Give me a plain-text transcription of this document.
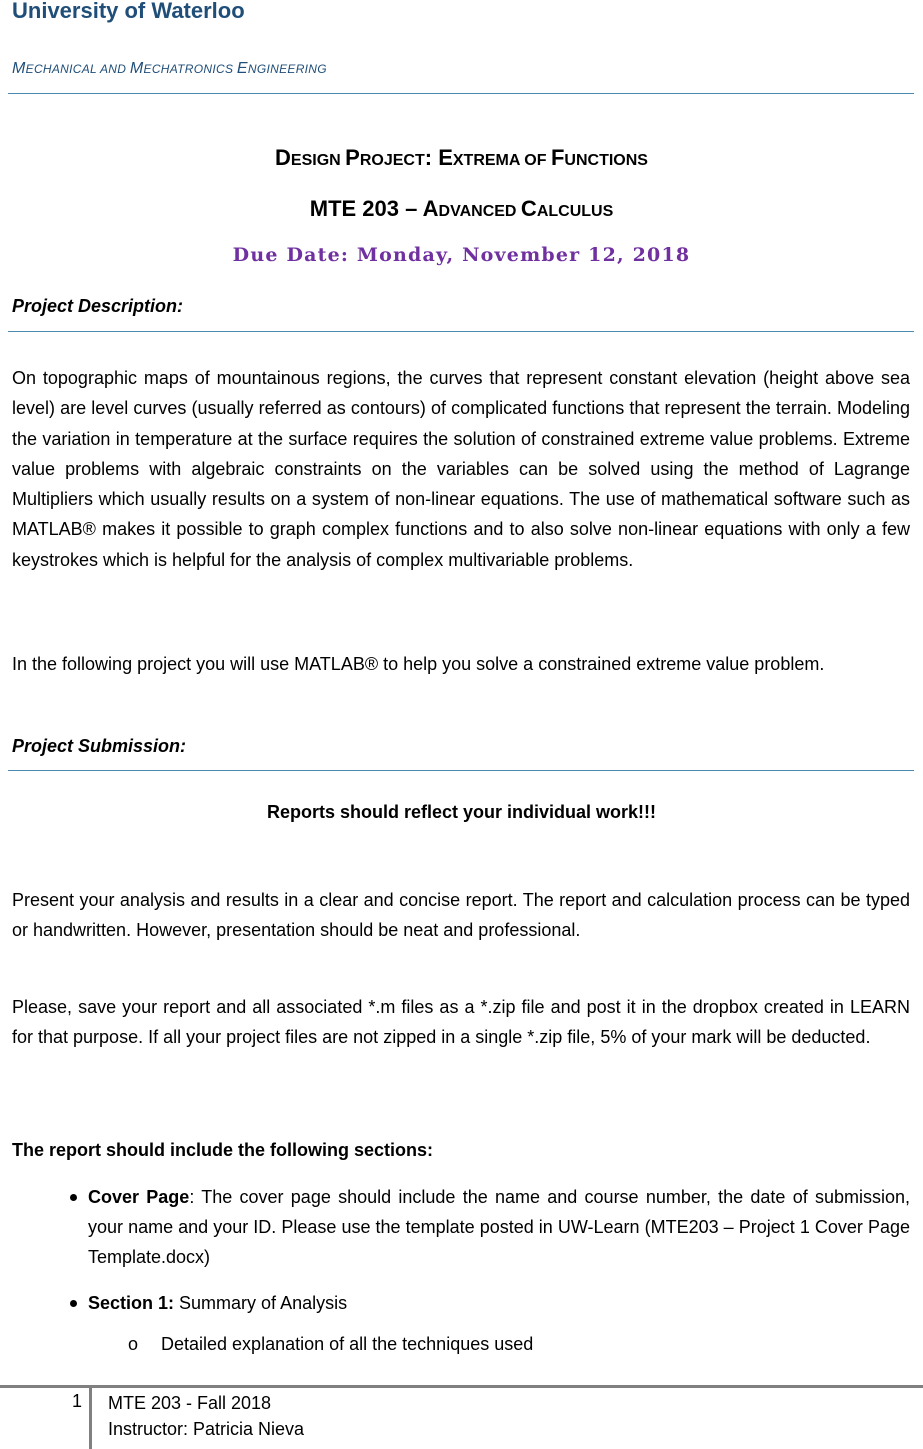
University of Waterloo
MECHANICAL AND MECHATRONICS ENGINEERING
DESIGN PROJECT: EXTREMA OF FUNCTIONS
MTE 203 – ADVANCED CALCULUS
Due Date: Monday, November 12, 2018
Project Description:
On topographic maps of mountainous regions, the curves that represent constant elevation (height above sea level) are level curves (usually referred as contours) of complicated functions that represent the terrain. Modeling the variation in temperature at the surface requires the solution of constrained extreme value problems. Extreme value problems with algebraic constraints on the variables can be solved using the method of Lagrange Multipliers which usually results on a system of non-linear equations. The use of mathematical software such as MATLAB® makes it possible to graph complex functions and to also solve non-linear equations with only a few keystrokes which is helpful for the analysis of complex multivariable problems.
In the following project you will use MATLAB® to help you solve a constrained extreme value problem.
Project Submission:
Reports should reflect your individual work!!!
Present your analysis and results in a clear and concise report. The report and calculation process can be typed or handwritten. However, presentation should be neat and professional.
Please, save your report and all associated *.m files as a *.zip file and post it in the dropbox created in LEARN for that purpose. If all your project files are not zipped in a single *.zip file, 5% of your mark will be deducted.
The report should include the following sections:
Cover Page: The cover page should include the name and course number, the date of submission, your name and your ID. Please use the template posted in UW-Learn (MTE203 – Project 1 Cover Page Template.docx)
Section 1: Summary of Analysis
o Detailed explanation of all the techniques used
1 MTE 203 - Fall 2018
Instructor: Patricia Nieva
